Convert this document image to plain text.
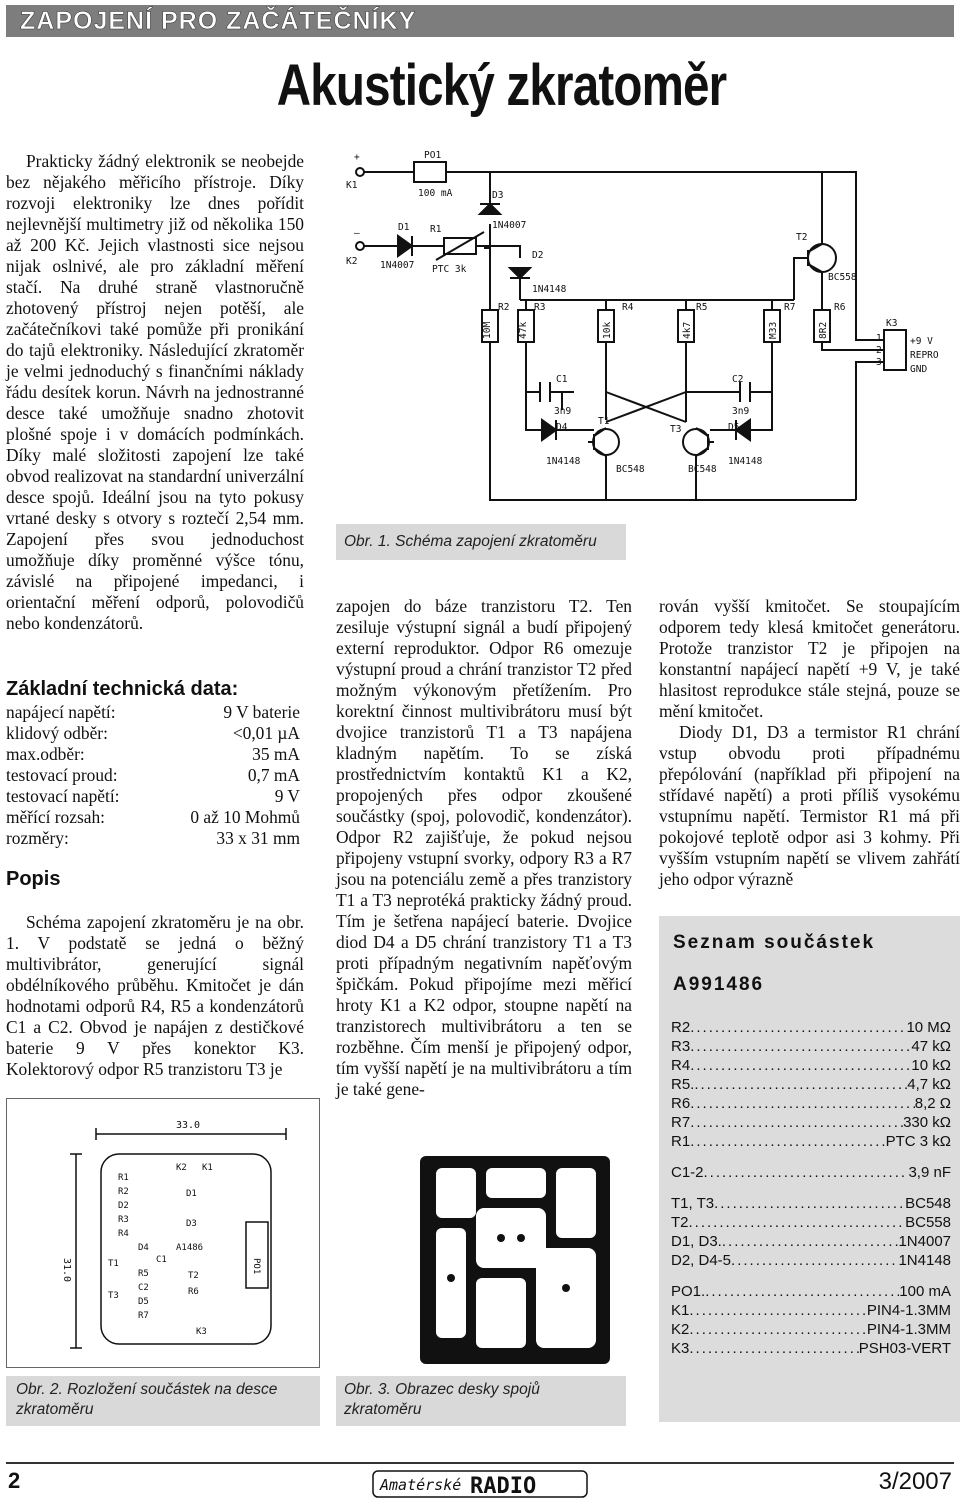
ZAPOJENÍ PRO ZAČÁTEČNÍKY
Akustický zkratoměr

Prakticky žádný elektronik se neobejde bez nějakého měřicího přístroje. Díky rozvoji elektroniky lze dnes pořídit nejlevnější multimetry již od několika 150 až 200 Kč. Jejich vlastnosti sice nejsou nijak oslnivé, ale pro základní měření stačí. Na druhé straně vlastnoručně zhotovený přístroj nejen potěší, ale začátečníkovi také pomůže při pronikání do tajů elektroniky. Následující zkratoměr je velmi jednoduchý s finančními náklady řádu desítek korun. Návrh na jednostranné desce také umožňuje snadno zhotovit plošné spoje i v domácích podmínkách. Díky malé složitosti zapojení lze také obvod realizovat na standardní univerzální desce spojů. Ideální jsou na tyto pokusy vrtané desky s otvory s roztečí 2,54 mm. Zapojení přes svou jednoduchost umožňuje díky proměnné výšce tónu, závislé na připojené impedanci, i orientační měření odporů, polovodičů nebo kondenzátorů.

Základní technická data:
napájecí napětí:	9 V baterie
klidový odběr:	<0,01 µA
max.odběr:	35 mA
testovací proud:	0,7 mA
testovací napětí:	9 V
měřící rozsah:	0 až 10 Mohmů
rozměry:	33 x 31 mm
Popis

Schéma zapojení zkratoměru je na obr. 1. V podstatě se jedná o běžný multivibrátor, generující signál obdélníkového průběhu. Kmitočet je dán hodnotami odporů R4, R5 a kondenzátorů C1 a C2. Obvod je napájen z destičkové baterie 9 V přes konektor K3. Kolektorový odpor R5 tranzistoru T3 je

+
K1
–
K2
PO1
100 mA
D1
1N4007
R1
PTC 3k
D3
1N4007
D2
1N4148
R2	R3	R4	R5	R7	R6
T2
BC558
C1
3n9
C2
3n9
D4
1N4148
T1
BC548
T3
BC548
D5
1N4148
K3
1
2
3
+9 V
REPRO
GND
10M	47k	10k	4k7	M33	8R2
Obr. 1. Schéma zapojení zkratoměru

zapojen do báze tranzistoru T2. Ten zesiluje výstupní signál a budí připojený externí reproduktor. Odpor R6 omezuje výstupní proud a chrání tranzistor T2 před možným výkonovým přetížením. Pro korektní činnost multivibrátoru musí být dvojice tranzistorů T1 a T3 napájena kladným napětím. To se získá prostřednictvím kontaktů K1 a K2, propojených přes odpor zkoušené součástky (spoj, polovodič, kondenzátor). Odpor R2 zajišťuje, že pokud nejsou připojeny vstupní svorky, odpory R3 a R7 jsou na potenciálu země a přes tranzistory T1 a T3 neprotéká prakticky žádný proud. Tím je šetřena napájecí baterie. Dvojice diod D4 a D5 chrání tranzistory T1 a T3 proti případným negativním napěťovým špičkám. Pokud připojíme mezi měřicí hroty K1 a K2 odpor, stoupne napětí na tranzistorech multivibrátoru a ten se rozběhne. Čím menší je připojený odpor, tím vyšší napětí je na multivibrátoru a tím je také gene-

rován vyšší kmitočet. Se stoupajícím odporem tedy klesá kmitočet generátoru. Protože tranzistor T2 je připojen na konstantní napájecí napětí +9 V, je také hlasitost reprodukce stále stejná, pouze se mění kmitočet.

Diody D1, D3 a termistor R1 chrání vstup obvodu proti případnému přepólování (například při připojení na střídavé napětí) a proti příliš vysokému vstupnímu napětí. Termistor R1 má při pokojové teplotě odpor asi 3 kohmy. Při vyšším vstupním napětí se vlivem zahřátí jeho odpor výrazně

33.0
31.0
R1
R2
D2
R3
R4
D4
C1
R5
C2
D5
R7
T1
T3
D1
D3
A1486
T2
R6
K3
PO1
K2 K1
Obr. 2. Rozložení součástek na desce zkratoměru
A1486B
Obr. 3. Obrazec desky spojů zkratoměru
Seznam součástek
A991486
R2 .....	10 MΩ
R3 .....	47 kΩ
R4 .....	10 kΩ
R5. .....	4,7 kΩ
R6 .....	8,2 Ω
R7 .....	330 kΩ
R1 .....	PTC 3 kΩ
C1-2 .....	3,9 nF
T1, T3 .....	BC548
T2 .....	BC558
D1, D3. .....	1N4007
D2, D4-5 .....	1N4148
PO1. .....	100 mA
K1 .....	PIN4-1.3MM
K2 .....	PIN4-1.3MM
K3 .....	PSH03-VERT
2	Amatérské RADIO	3/2007
